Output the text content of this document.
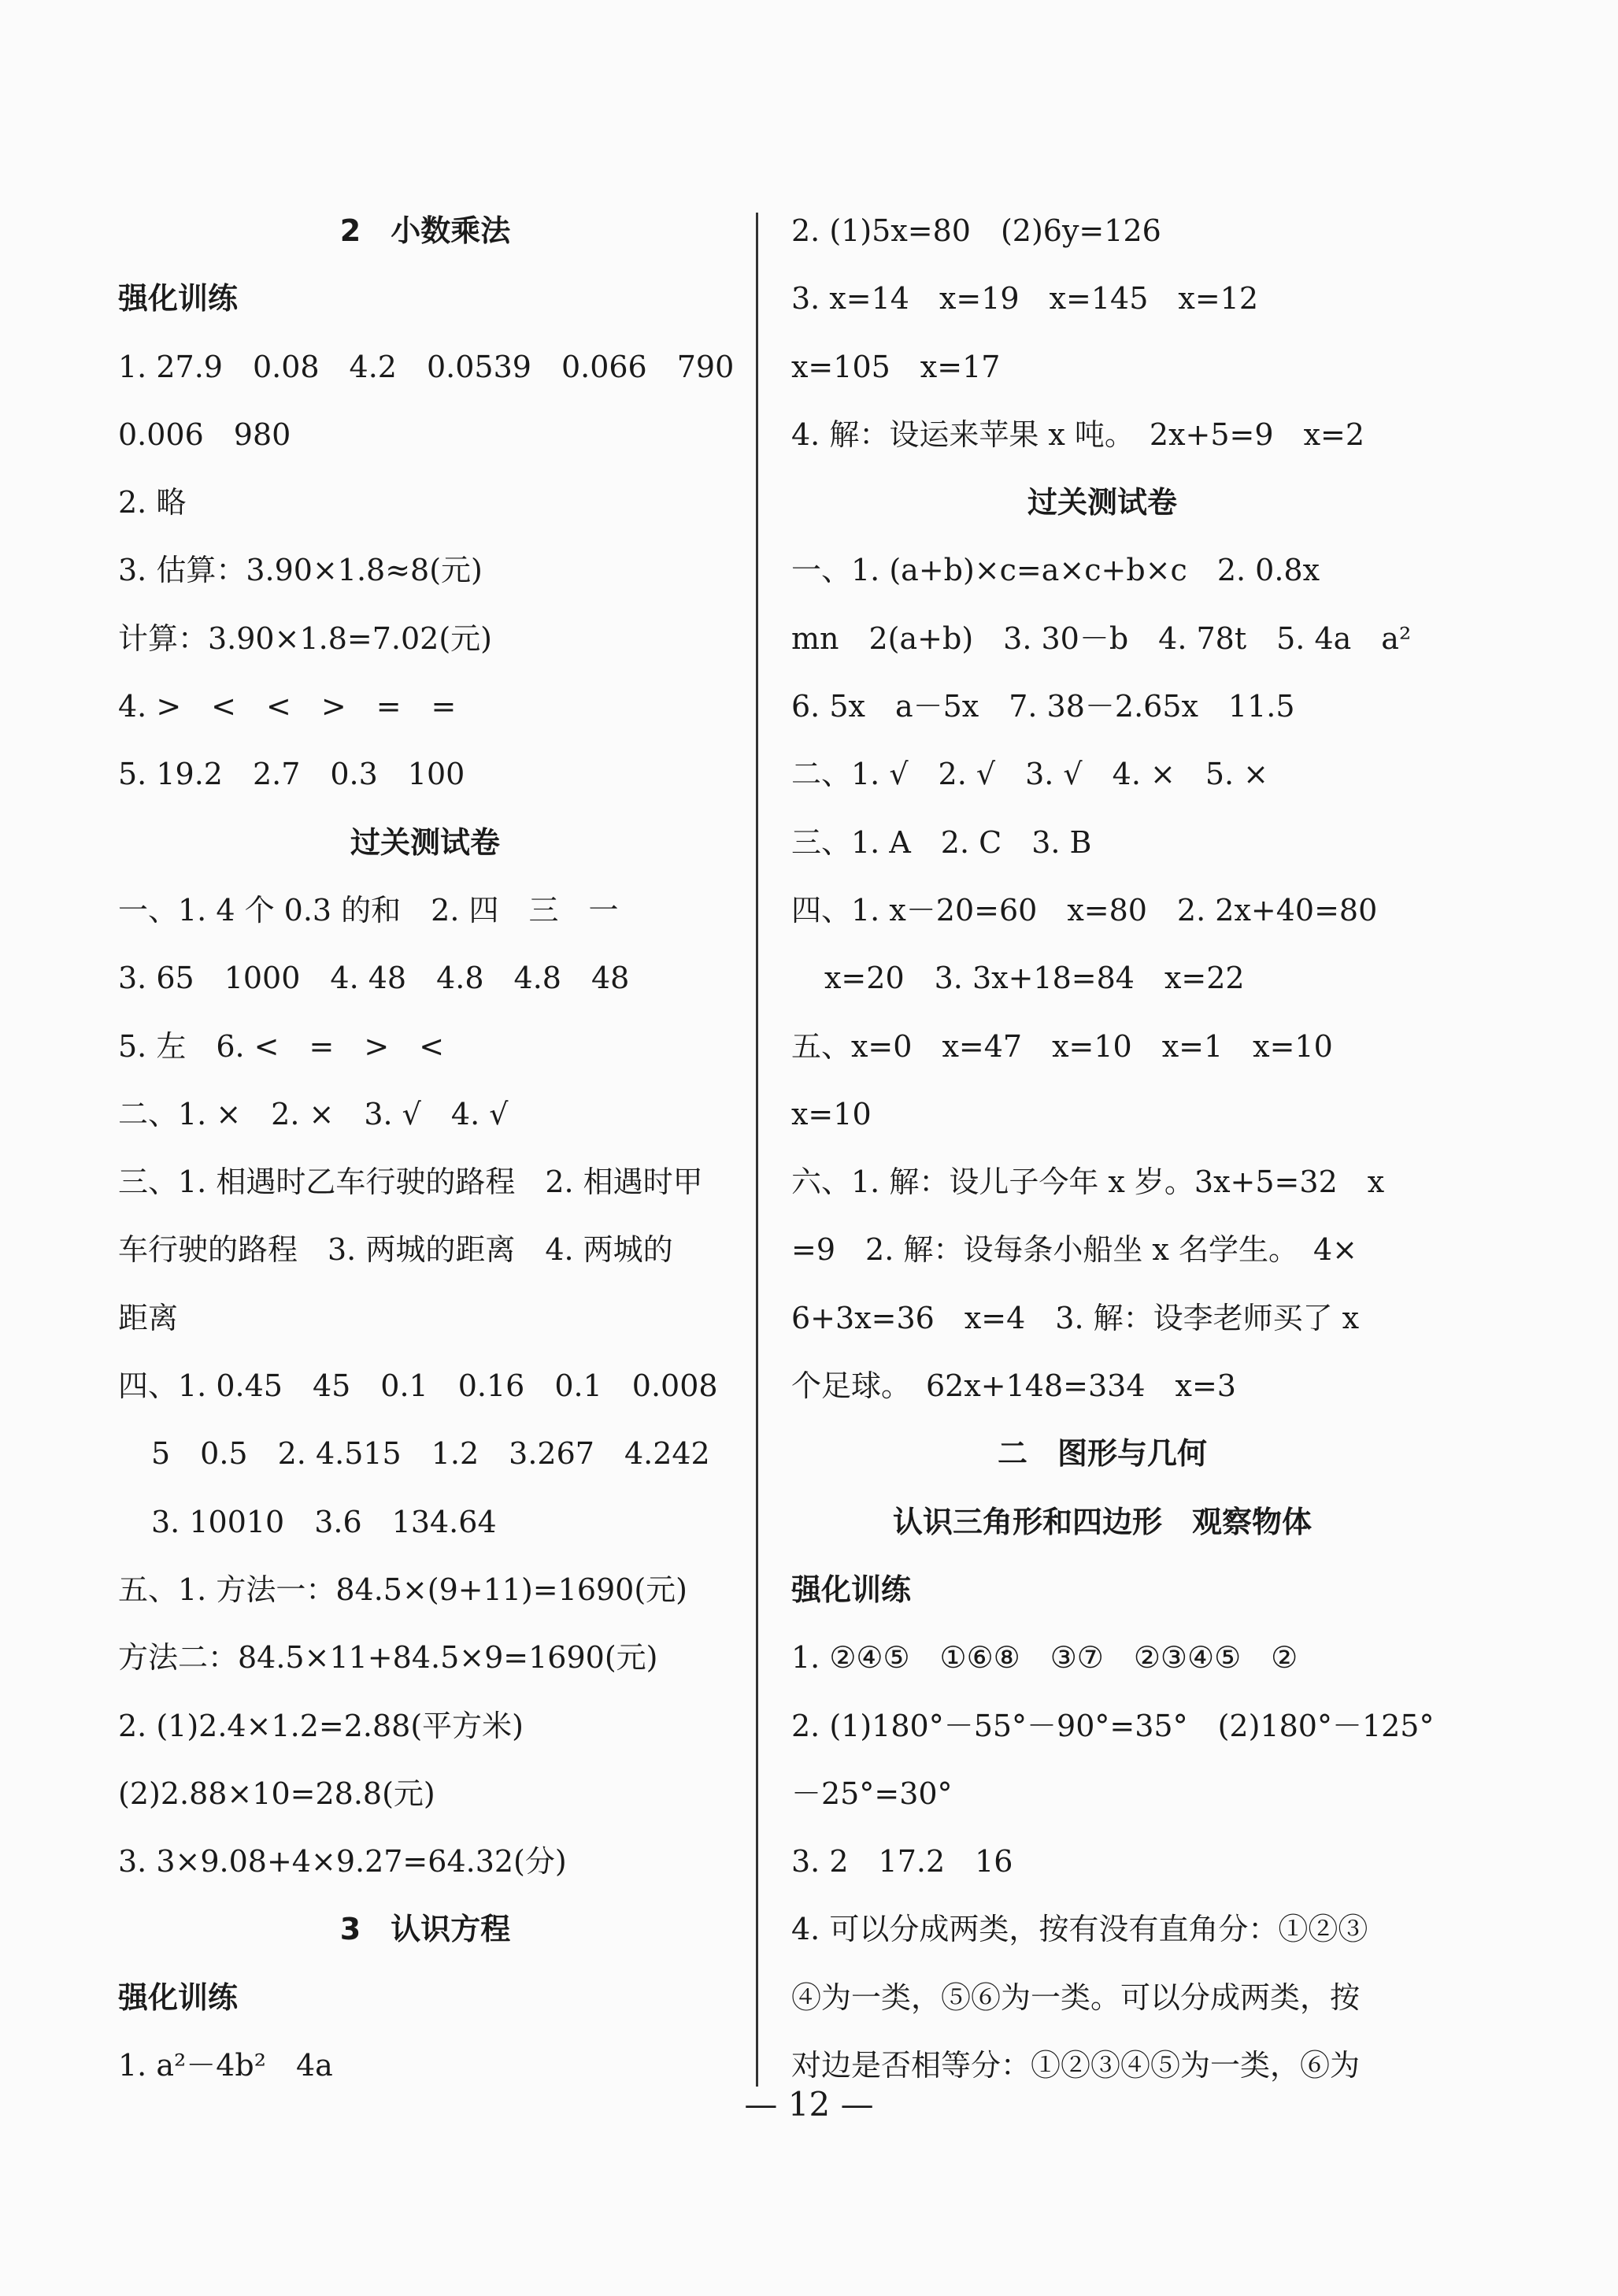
2　小数乘法
强化训练
1. 27.9　0.08　4.2　0.0539　0.066　790
0.006　980
2. 略
3. 估算：3.90×1.8≈8(元)
计算：3.90×1.8=7.02(元)
4. >　<　<　>　=　=
5. 19.2　2.7　0.3　100
过关测试卷
一、1. 4 个 0.3 的和　2. 四　三　一
3. 65　1000　4. 48　4.8　4.8　48
5. 左　6. <　=　>　<
二、1. ×　2. ×　3. √　4. √
三、1. 相遇时乙车行驶的路程　2. 相遇时甲
车行驶的路程　3. 两城的距离　4. 两城的
距离
四、1. 0.45　45　0.1　0.16　0.1　0.008
5　0.5　2. 4.515　1.2　3.267　4.242
3. 10010　3.6　134.64
五、1. 方法一：84.5×(9+11)=1690(元)
方法二：84.5×11+84.5×9=1690(元)
2. (1)2.4×1.2=2.88(平方米)
(2)2.88×10=28.8(元)
3. 3×9.08+4×9.27=64.32(分)
3　认识方程
强化训练
1. a²－4b²　4a
2. (1)5x=80　(2)6y=126
3. x=14　x=19　x=145　x=12
x=105　x=17
4. 解：设运来苹果 x 吨。　2x+5=9　x=2
过关测试卷
一、1. (a+b)×c=a×c+b×c　2. 0.8x
mn　2(a+b)　3. 30－b　4. 78t　5. 4a　a²
6. 5x　a－5x　7. 38－2.65x　11.5
二、1. √　2. √　3. √　4. ×　5. ×
三、1. A　2. C　3. B
四、1. x－20=60　x=80　2. 2x+40=80
x=20　3. 3x+18=84　x=22
五、x=0　x=47　x=10　x=1　x=10
x=10
六、1. 解：设儿子今年 x 岁。3x+5=32　x
=9　2. 解：设每条小船坐 x 名学生。　4×
6+3x=36　x=4　3. 解：设李老师买了 x
个足球。　62x+148=334　x=3
二　图形与几何
认识三角形和四边形　观察物体
强化训练
1. ②④⑤　①⑥⑧　③⑦　②③④⑤　②
2. (1)180°－55°－90°=35°　(2)180°－125°
－25°=30°
3. 2　17.2　16
4. 可以分成两类，按有没有直角分：①②③
④为一类，⑤⑥为一类。可以分成两类，按
对边是否相等分：①②③④⑤为一类，⑥为
— 12 —
